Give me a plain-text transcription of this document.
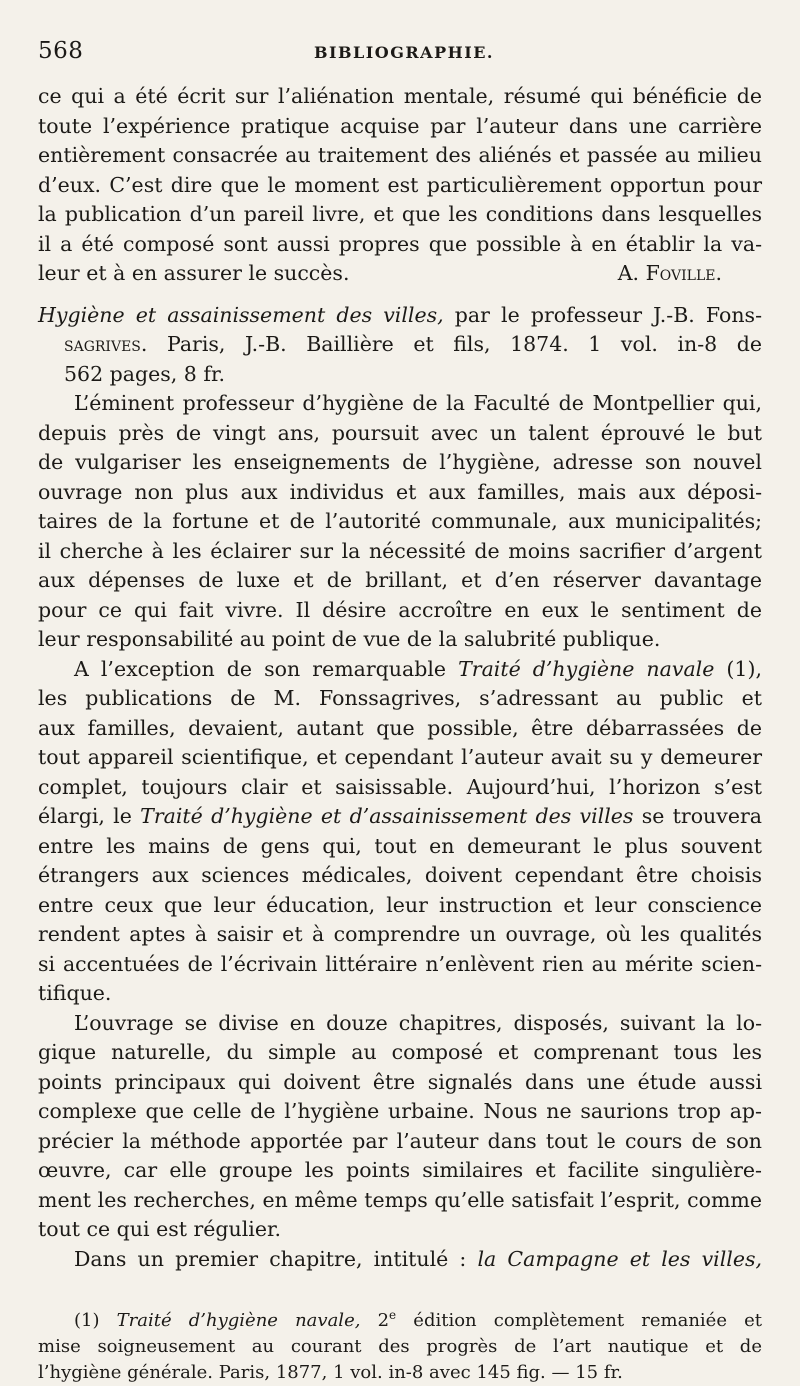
568	BIBLIOGRAPHIE.
ce qui a été écrit sur l’aliénation mentale, résumé qui bénéficie de
toute l’expérience pratique acquise par l’auteur dans une carrière
entièrement consacrée au traitement des aliénés et passée au milieu
d’eux. C’est dire que le moment est particulièrement opportun pour
la publication d’un pareil livre, et que les conditions dans lesquelles
il a été composé sont aussi propres que possible à en établir la va-
leur et à en assurer le succès.	A. Foville.
Hygiène et assainissement des villes, par le professeur J.-B. Fons-
sagrives. Paris, J.-B. Baillière et fils, 1874. 1 vol. in-8 de
562 pages, 8 fr.
L’éminent professeur d’hygiène de la Faculté de Montpellier qui,
depuis près de vingt ans, poursuit avec un talent éprouvé le but
de vulgariser les enseignements de l’hygiène, adresse son nouvel
ouvrage non plus aux individus et aux familles, mais aux déposi-
taires de la fortune et de l’autorité communale, aux municipalités;
il cherche à les éclairer sur la nécessité de moins sacrifier d’argent
aux dépenses de luxe et de brillant, et d’en réserver davantage
pour ce qui fait vivre. Il désire accroître en eux le sentiment de
leur responsabilité au point de vue de la salubrité publique.
A l’exception de son remarquable Traité d’hygiène navale (1),
les publications de M. Fonssagrives, s’adressant au public et
aux familles, devaient, autant que possible, être débarrassées de
tout appareil scientifique, et cependant l’auteur avait su y demeurer
complet, toujours clair et saisissable. Aujourd’hui, l’horizon s’est
élargi, le Traité d’hygiène et d’assainissement des villes se trouvera
entre les mains de gens qui, tout en demeurant le plus souvent
étrangers aux sciences médicales, doivent cependant être choisis
entre ceux que leur éducation, leur instruction et leur conscience
rendent aptes à saisir et à comprendre un ouvrage, où les qualités
si accentuées de l’écrivain littéraire n’enlèvent rien au mérite scien-
tifique.
L’ouvrage se divise en douze chapitres, disposés, suivant la lo-
gique naturelle, du simple au composé et comprenant tous les
points principaux qui doivent être signalés dans une étude aussi
complexe que celle de l’hygiène urbaine. Nous ne saurions trop ap-
précier la méthode apportée par l’auteur dans tout le cours de son
œuvre, car elle groupe les points similaires et facilite singulière-
ment les recherches, en même temps qu’elle satisfait l’esprit, comme
tout ce qui est régulier.
Dans un premier chapitre, intitulé : la Campagne et les villes,
(1) Traité d’hygiène navale, 2e édition complètement remaniée et
mise soigneusement au courant des progrès de l’art nautique et de
l’hygiène générale. Paris, 1877, 1 vol. in-8 avec 145 fig. — 15 fr.
